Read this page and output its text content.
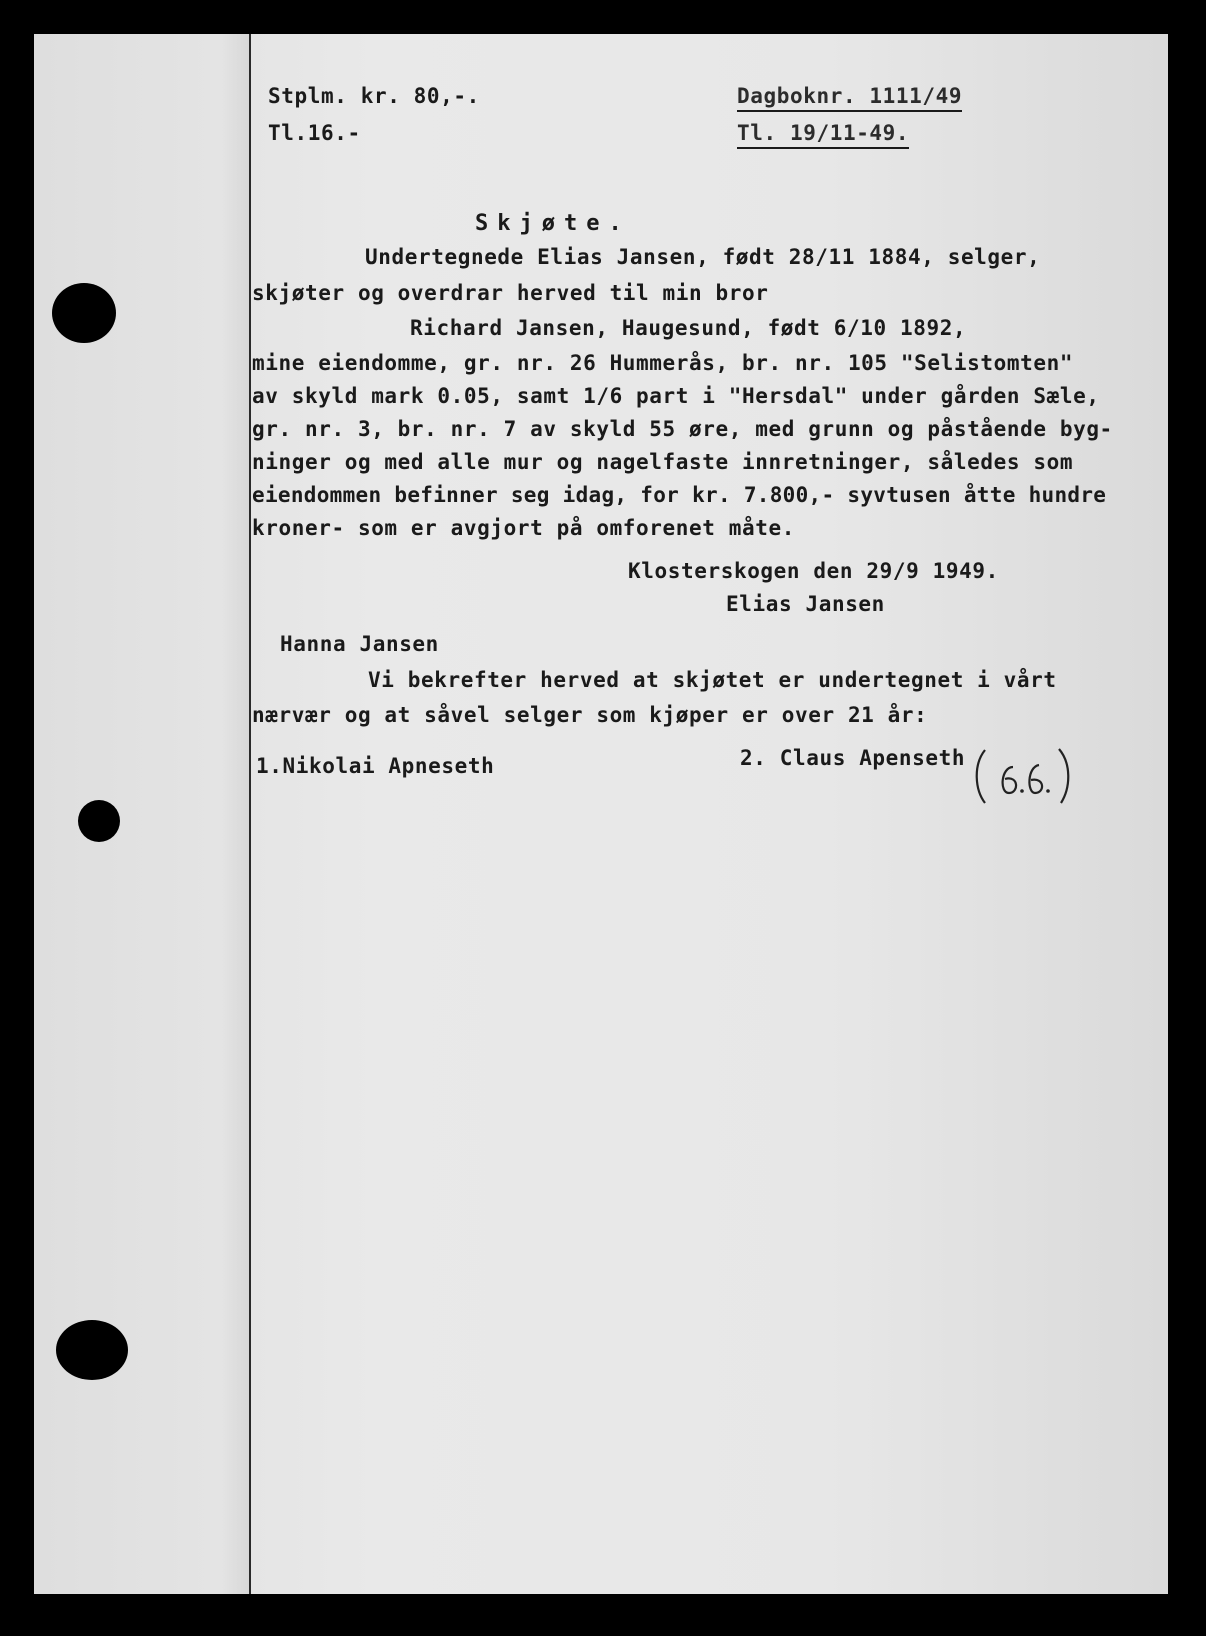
Stplm. kr. 80,-.

Tl.16.-

Dagboknr. 1111/49

Tl. 19/11-49.

Skjøte.

Undertegnede Elias Jansen, født 28/11 1884, selger,

skjøter og overdrar herved til min bror

Richard Jansen, Haugesund, født 6/10 1892,

mine eiendomme, gr. nr. 26 Hummerås, br. nr. 105 "Selistomten"

av skyld mark 0.05, samt 1/6 part i "Hersdal" under gården Sæle,

gr. nr. 3, br. nr. 7 av skyld 55 øre, med grunn og påstående byg-

ninger og med alle mur og nagelfaste innretninger, således som

eiendommen befinner seg idag, for kr. 7.800,- syvtusen åtte hundre

kroner- som er avgjort på omforenet måte.

Klosterskogen den 29/9 1949.

Elias Jansen

Hanna Jansen

Vi bekrefter herved at skjøtet er undertegnet i vårt

nærvær og at såvel selger som kjøper er over 21 år:

1.Nikolai Apneseth	2. Claus Apenseth
